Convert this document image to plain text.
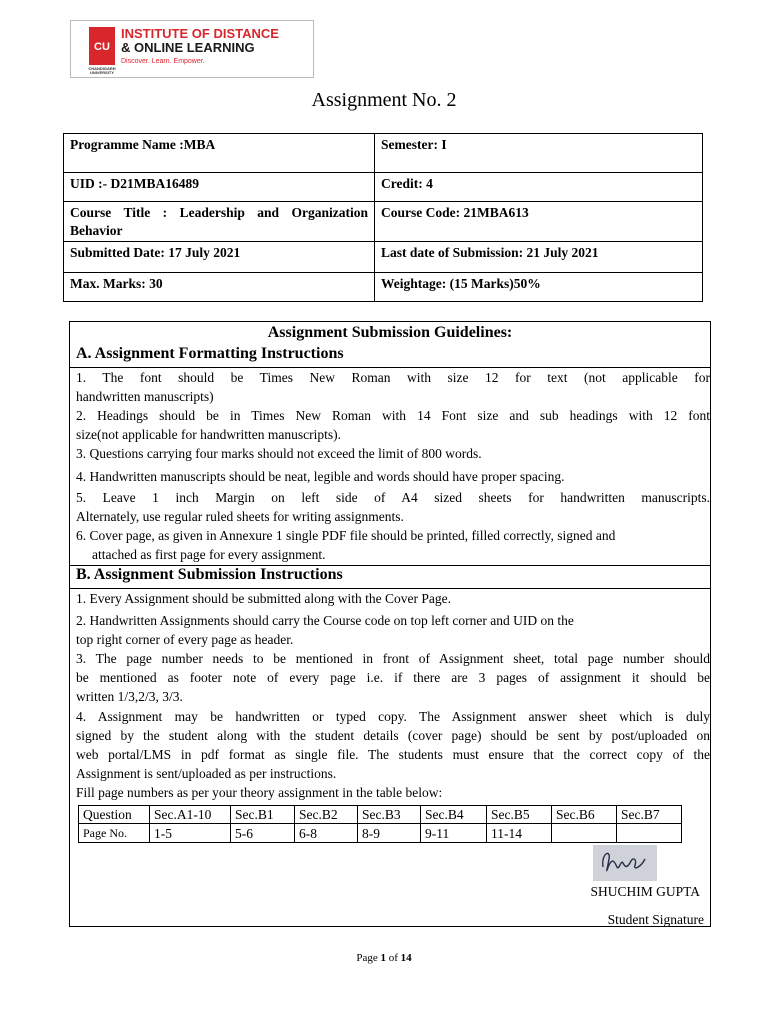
CU
CHANDIGARH UNIVERSITY
INSTITUTE OF DISTANCE
& ONLINE LEARNING
Discover. Learn. Empower.
Assignment No. 2
Programme Name :MBA	Semester: I
UID :- D21MBA16489	Credit: 4

Course Title : Leadership and Organization
Behavior	Course Code: 21MBA613
Submitted Date: 17 July 2021	Last date of Submission: 21 July 2021
Max. Marks: 30	Weightage: (15 Marks)50%
Assignment Submission Guidelines:
A. Assignment Formatting Instructions
1. The font should be Times New Roman with size 12 for text (not applicable for
handwritten manuscripts)
2. Headings should be in Times New Roman with 14 Font size and sub headings with 12 font
size(not applicable for handwritten manuscripts).
3. Questions carrying four marks should not exceed the limit of 800 words.
4. Handwritten manuscripts should be neat, legible and words should have proper spacing.
5. Leave 1 inch Margin on left side of A4 sized sheets for handwritten manuscripts.
Alternately, use regular ruled sheets for writing assignments.
6. Cover page, as given in Annexure 1 single PDF file should be printed, filled correctly, signed and
attached as first page for every assignment.
B. Assignment Submission Instructions
1. Every Assignment should be submitted along with the Cover Page.
2. Handwritten Assignments should carry the Course code on top left corner and UID on the
top right corner of every page as header.
3. The page number needs to be mentioned in front of Assignment sheet, total page number should
be mentioned as footer note of every page i.e. if there are 3 pages of assignment it should be
written 1/3,2/3, 3/3.
4. Assignment may be handwritten or typed copy. The Assignment answer sheet which is duly
signed by the student along with the student details (cover page) should be sent by post/uploaded on
web portal/LMS in pdf format as single file. The students must ensure that the correct copy of the
Assignment is sent/uploaded as per instructions.
Fill page numbers as per your theory assignment in the table below:
Question	Sec.A1-10	Sec.B1	Sec.B2	Sec.B3	Sec.B4	Sec.B5	Sec.B6	Sec.B7
Page No.	1-5	5-6	6-8	8-9	9-11	11-14		
SHUCHIM GUPTA
Student Signature
Page 1 of 14
